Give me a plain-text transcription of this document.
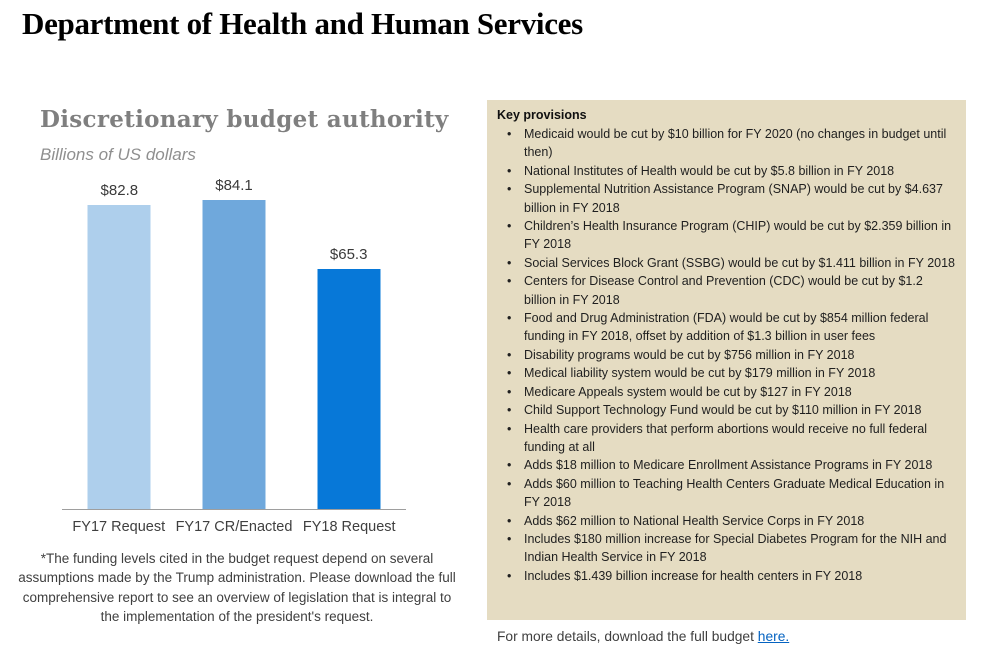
Department of Health and Human Services
Discretionary budget authority
Billions of US dollars
$82.8	$84.1
$65.3
FY17 Request FY17 CR/Enacted FY18 Request

*The funding levels cited in the budget request depend on several assumptions made by the Trump administration. Please download the full comprehensive report to see an overview of legislation that is integral to the implementation of the president's request.

Key provisions
• Medicaid would be cut by $10 billion for FY 2020 (no changes in budget until then)
• National Institutes of Health would be cut by $5.8 billion in FY 2018
• Supplemental Nutrition Assistance Program (SNAP) would be cut by $4.637 billion in FY 2018
• Children’s Health Insurance Program (CHIP) would be cut by $2.359 billion in FY 2018
• Social Services Block Grant (SSBG) would be cut by $1.411 billion in FY 2018
• Centers for Disease Control and Prevention (CDC) would be cut by $1.2 billion in FY 2018
• Food and Drug Administration (FDA) would be cut by $854 million federal funding in FY 2018, offset by addition of $1.3 billion in user fees
• Disability programs would be cut by $756 million in FY 2018
• Medical liability system would be cut by $179 million in FY 2018
• Medicare Appeals system would be cut by $127 in FY 2018
• Child Support Technology Fund would be cut by $110 million in FY 2018
• Health care providers that perform abortions would receive no full federal funding at all
• Adds $18 million to Medicare Enrollment Assistance Programs in FY 2018
• Adds $60 million to Teaching Health Centers Graduate Medical Education in FY 2018
• Adds $62 million to National Health Service Corps in FY 2018
• Includes $180 million increase for Special Diabetes Program for the NIH and Indian Health Service in FY 2018
• Includes $1.439 billion increase for health centers in FY 2018

For more details, download the full budget here.
